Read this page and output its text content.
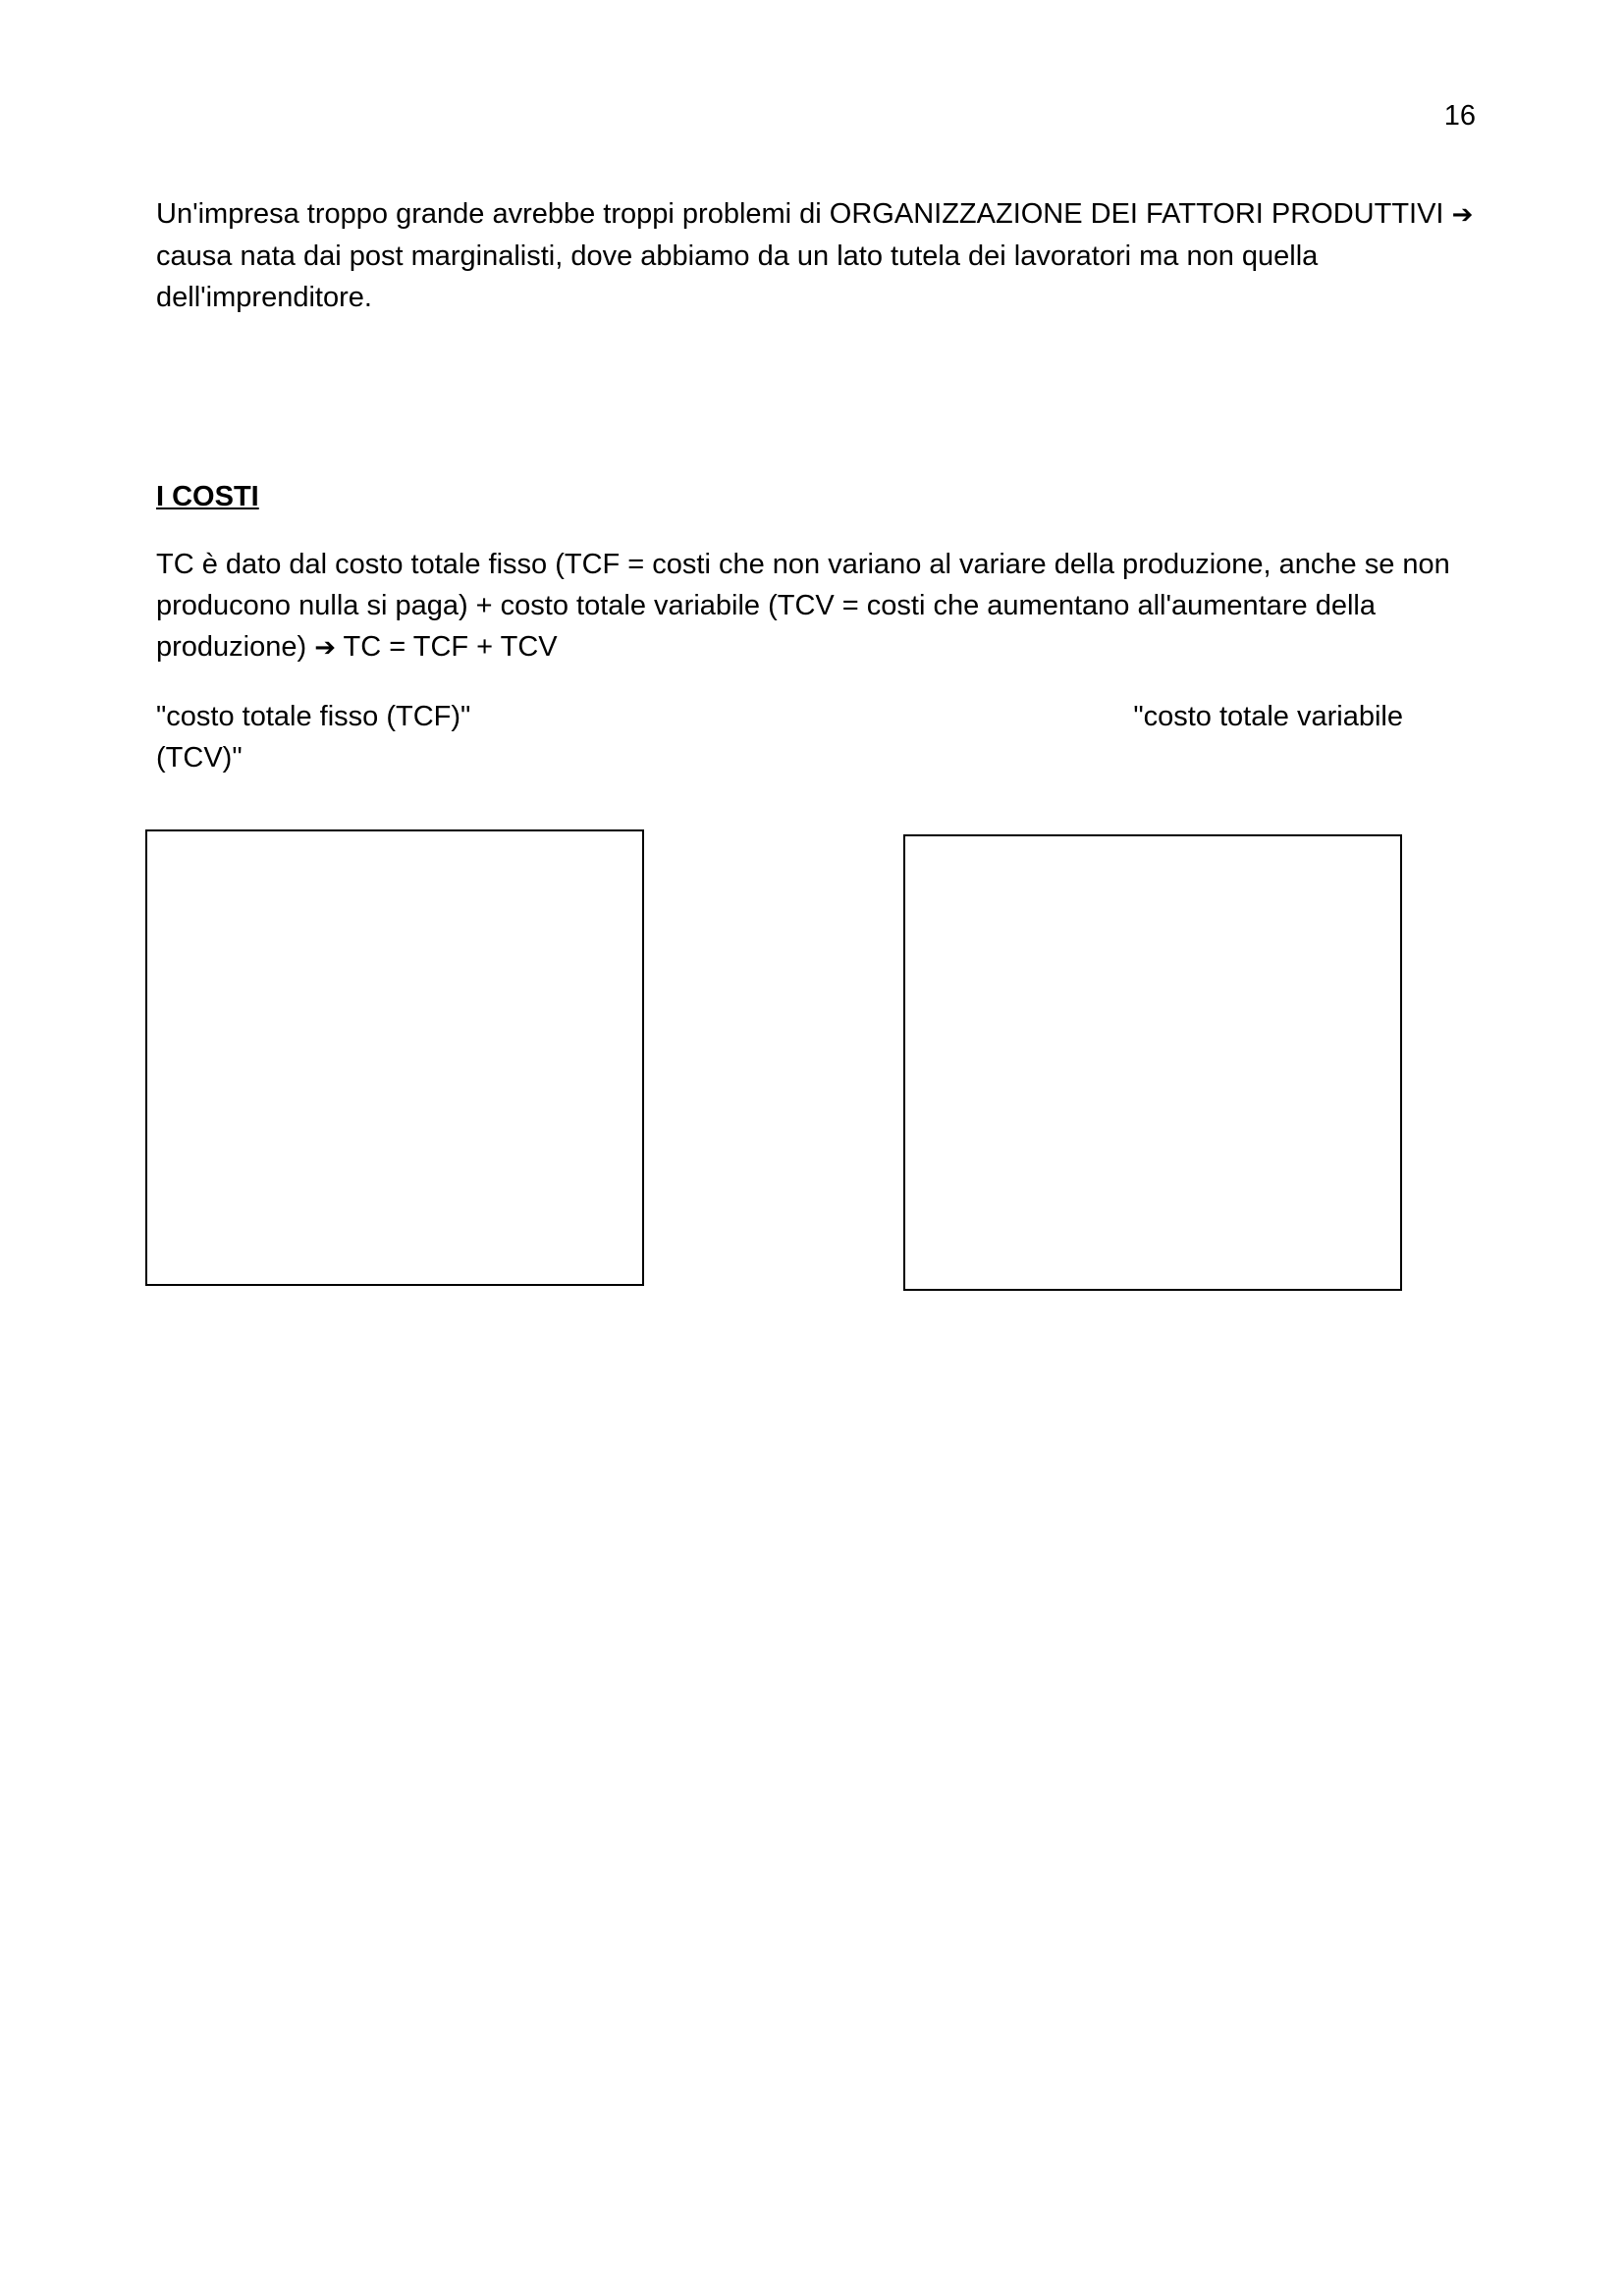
16
Un'impresa troppo grande avrebbe troppi problemi di ORGANIZZAZIONE DEI FATTORI PRODUTTIVI ➔ causa nata dai post marginalisti, dove abbiamo da un lato tutela dei lavoratori ma non quella dell'imprenditore.
I COSTI
TC è dato dal costo totale fisso (TCF = costi che non variano al variare della produzione, anche se non producono nulla si paga) + costo totale variabile (TCV = costi che aumentano all'aumentare della produzione) ➔ TC = TCF + TCV
"costo totale fisso (TCF)"	"costo totale variabile
(TCV)"
